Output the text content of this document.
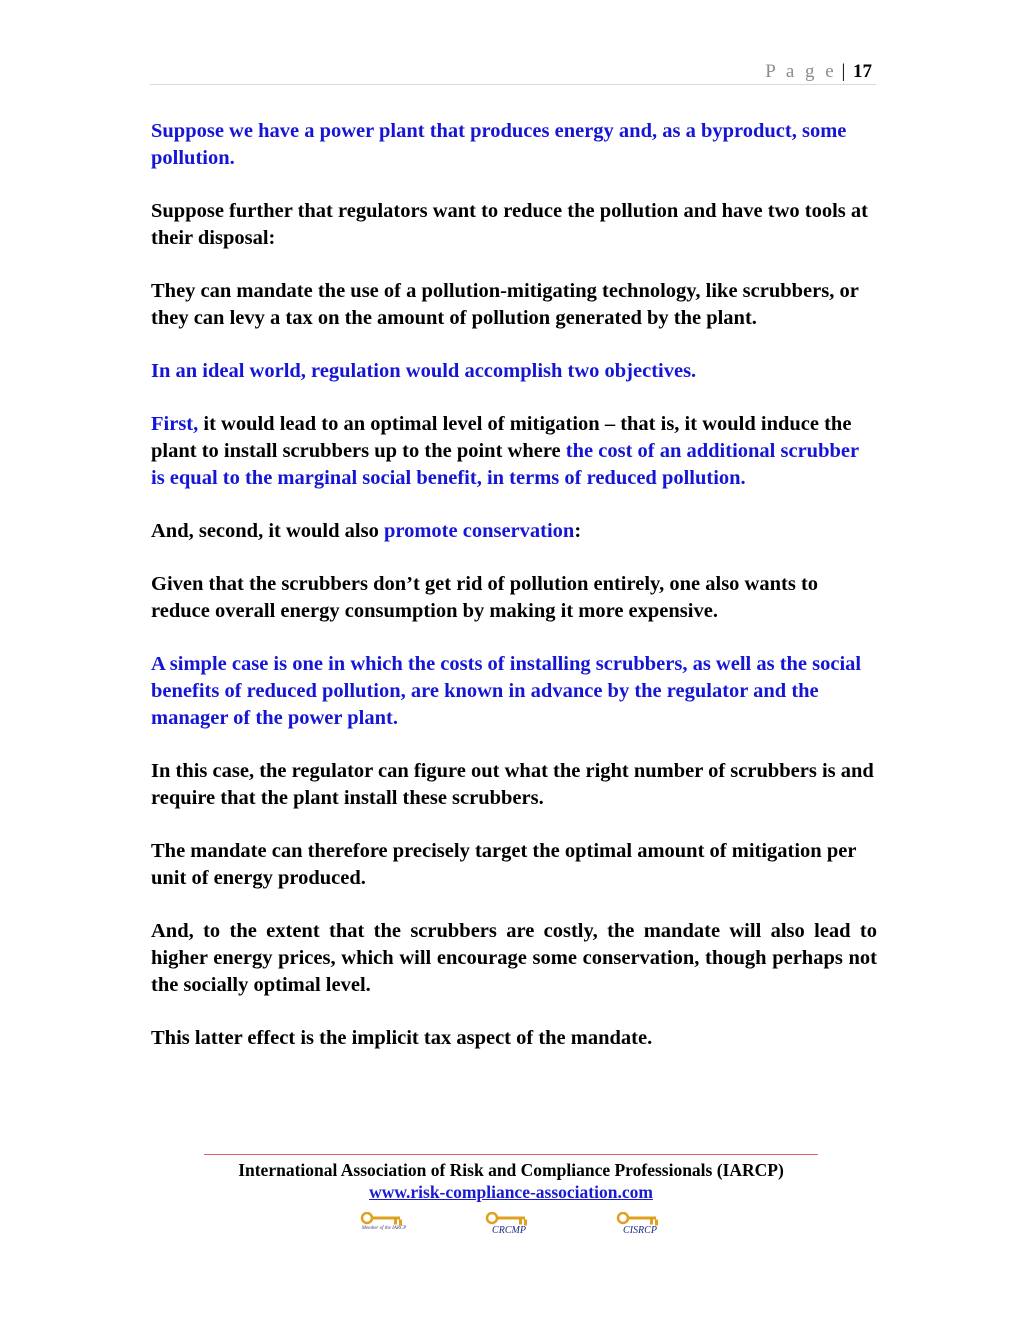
P a g e | 17

Suppose we have a power plant that produces energy and, as a byproduct, some pollution.

Suppose further that regulators want to reduce the pollution and have two tools at their disposal:

They can mandate the use of a pollution-mitigating technology, like scrubbers, or they can levy a tax on the amount of pollution generated by the plant.

In an ideal world, regulation would accomplish two objectives.

First, it would lead to an optimal level of mitigation – that is, it would induce the plant to install scrubbers up to the point where the cost of an additional scrubber is equal to the marginal social benefit, in terms of reduced pollution.

And, second, it would also promote conservation:

Given that the scrubbers don’t get rid of pollution entirely, one also wants to reduce overall energy consumption by making it more expensive.

A simple case is one in which the costs of installing scrubbers, as well as the social benefits of reduced pollution, are known in advance by the regulator and the manager of the power plant.

In this case, the regulator can figure out what the right number of scrubbers is and require that the plant install these scrubbers.

The mandate can therefore precisely target the optimal amount of mitigation per unit of energy produced.

And, to the extent that the scrubbers are costly, the mandate will also lead to higher energy prices, which will encourage some conservation, though perhaps not the socially optimal level.

This latter effect is the implicit tax aspect of the mandate.

International Association of Risk and Compliance Professionals (IARCP)
www.risk-compliance-association.com
Member of the IARCP	CRCMP	CISRCP
